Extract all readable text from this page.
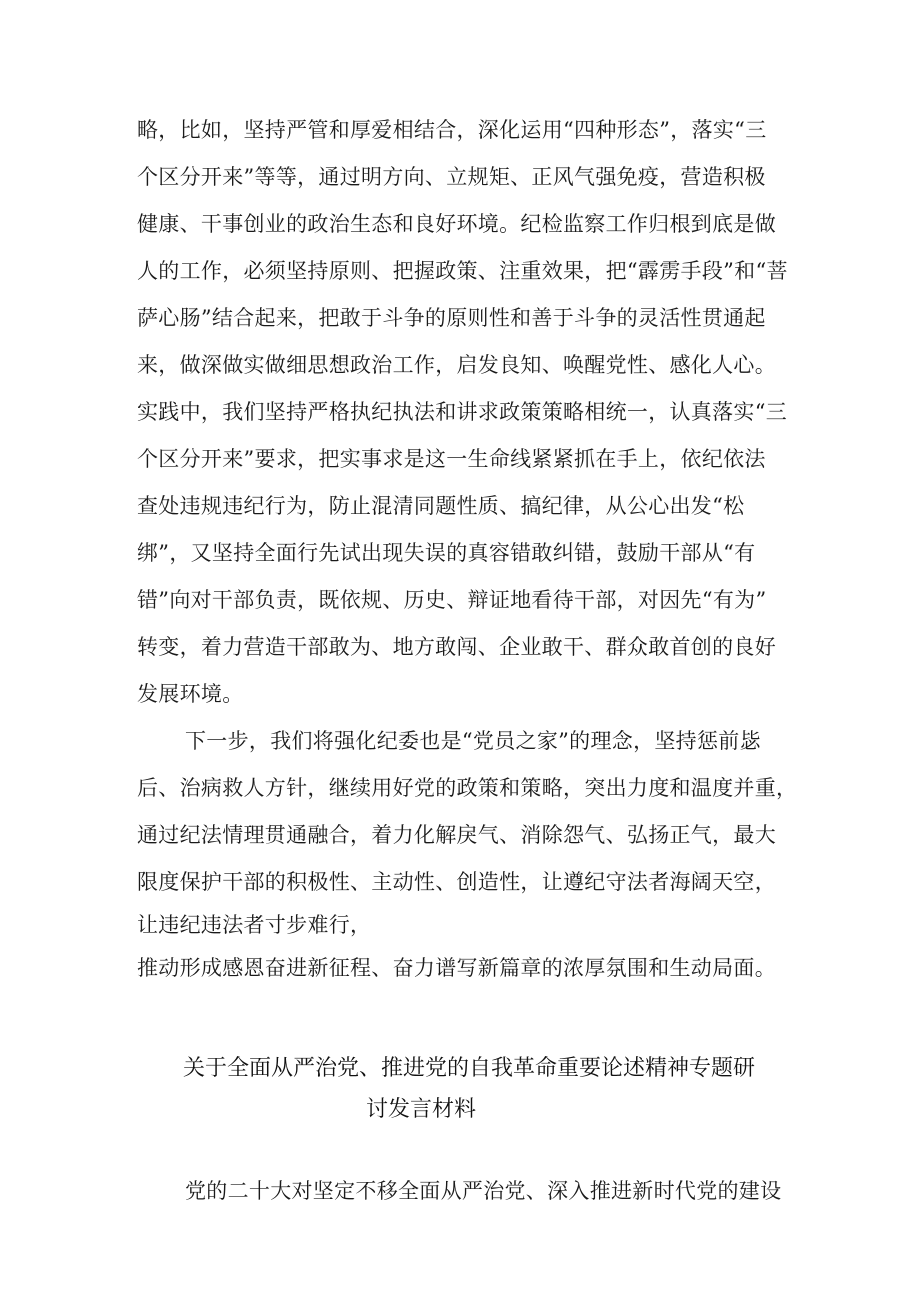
略，比如，坚持严管和厚爱相结合，深化运用“四种形态”，落实“三
个区分开来”等等，通过明方向、立规矩、正风气强免疫，营造积极
健康、干事创业的政治生态和良好环境。纪检监察工作归根到底是做
人的工作，必须坚持原则、把握政策、注重效果，把“霹雳手段”和“菩
萨心肠”结合起来，把敢于斗争的原则性和善于斗争的灵活性贯通起
来，做深做实做细思想政治工作，启发良知、唤醒党性、感化人心。
实践中，我们坚持严格执纪执法和讲求政策策略相统一，认真落实“三
个区分开来”要求，把实事求是这一生命线紧紧抓在手上，依纪依法
查处违规违纪行为，防止混清同题性质、搞纪律，从公心出发“松
绑”，又坚持全面行先试出现失误的真容错敢纠错，鼓励干部从“有
错”向对干部负责，既依规、历史、辩证地看待干部，对因先“有为”
转变，着力营造干部敢为、地方敢闯、企业敢干、群众敢首创的良好
发展环境。
下一步，我们将强化纪委也是“党员之家”的理念，坚持惩前毖
后、治病救人方针，继续用好党的政策和策略，突出力度和温度并重，
通过纪法情理贯通融合，着力化解戾气、消除怨气、弘扬正气，最大
限度保护干部的积极性、主动性、创造性，让遵纪守法者海阔天空，
让违纪违法者寸步难行，
推动形成感恩奋进新征程、奋力谱写新篇章的浓厚氛围和生动局面。
关于全面从严治党、推进党的自我革命重要论述精神专题研
讨发言材料
党的二十大对坚定不移全面从严治党、深入推进新时代党的建设
